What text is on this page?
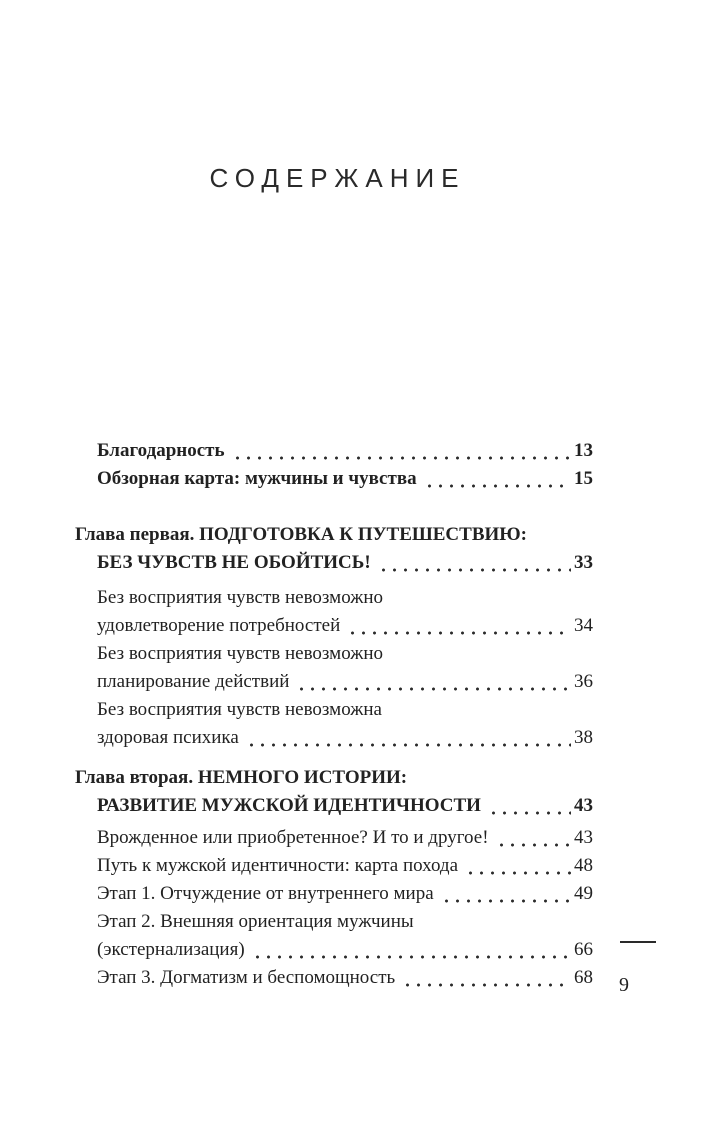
СОДЕРЖАНИЕ
Благодарность	13
Обзорная карта: мужчины и чувства	15
Глава первая. ПОДГОТОВКА К ПУТЕШЕСТВИЮ:
БЕЗ ЧУВСТВ НЕ ОБОЙТИСЬ!	33
Без восприятия чувств невозможно
удовлетворение потребностей	34
Без восприятия чувств невозможно
планирование действий	36
Без восприятия чувств невозможна
здоровая психика	38
Глава вторая. НЕМНОГО ИСТОРИИ:
РАЗВИТИЕ МУЖСКОЙ ИДЕНТИЧНОСТИ	43
Врожденное или приобретенное? И то и другое!	43
Путь к мужской идентичности: карта похода	48
Этап 1. Отчуждение от внутреннего мира	49
Этап 2. Внешняя ориентация мужчины
(экстернализация)	66
Этап 3. Догматизм и беспомощность	68 9
